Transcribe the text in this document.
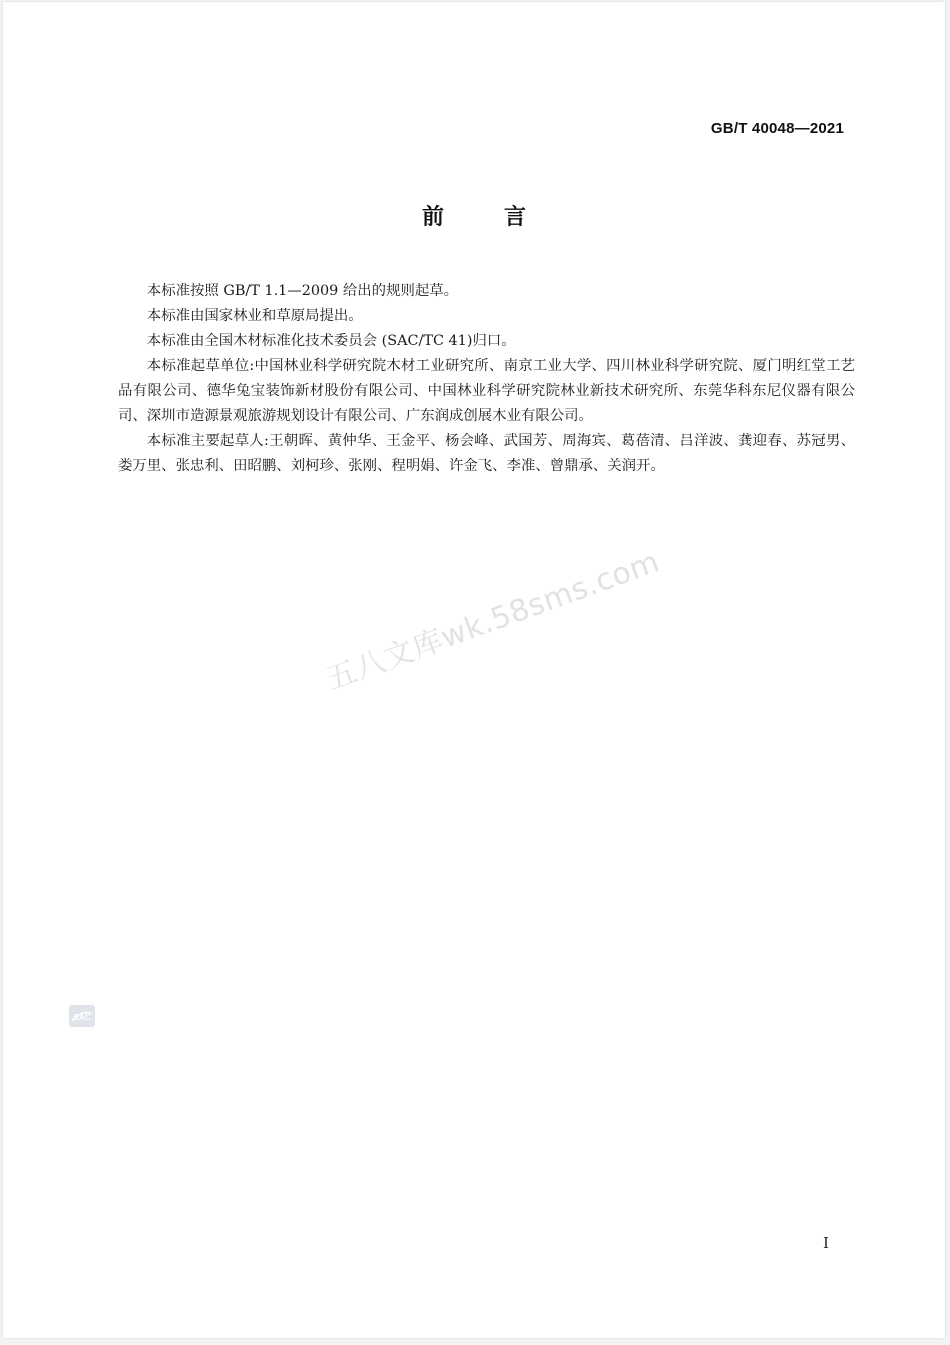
GB/T 40048—2021
前言

本标准按照 GB/T 1.1—2009 给出的规则起草。

本标准由国家林业和草原局提出。

本标准由全国木材标准化技术委员会 (SAC/TC 41)归口。

本标准起草单位:中国林业科学研究院木材工业研究所、南京工业大学、四川林业科学研究院、厦门明红堂工艺品有限公司、德华兔宝装饰新材股份有限公司、中国林业科学研究院林业新技术研究所、东莞华科东尼仪器有限公司、深圳市造源景观旅游规划设计有限公司、广东润成创展木业有限公司。

本标准主要起草人:王朝晖、黄仲华、王金平、杨会峰、武国芳、周海宾、葛蓓清、吕洋波、龚迎春、苏冠男、娄万里、张忠利、田昭鹏、刘柯珍、张刚、程明娟、许金飞、李准、曾鼎承、关润开。

五八文库wk.58sms.com
SAC
I
